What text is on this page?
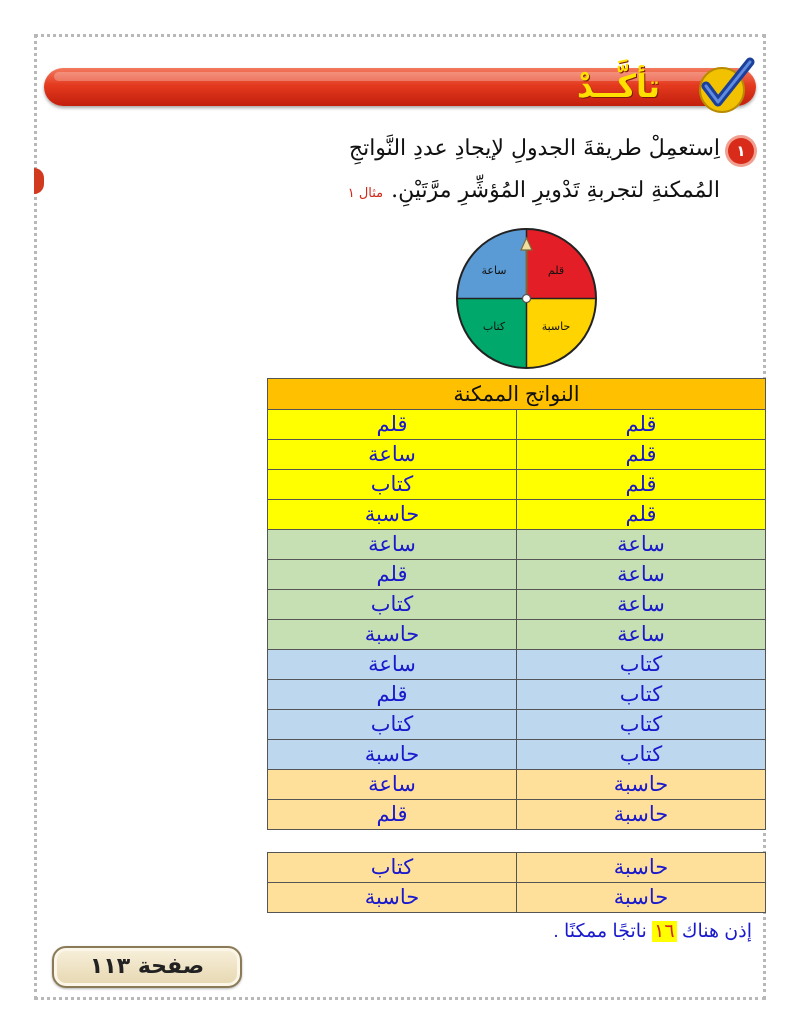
تأكَّــدْ
١
اِستعمِلْ طريقةَ الجدولِ لإيجادِ عددِ النَّواتجِ
المُمكنةِ لتجربةِ تَدْويرِ المُؤشِّرِ مرَّتَيْنِ.مثال ١
قلم
حاسبة
كتاب
ساعة
النواتج الممكنة	
قلم	قلم
قلم	ساعة
قلم	كتاب
قلم	حاسبة
ساعة	ساعة
ساعة	قلم
ساعة	كتاب
ساعة	حاسبة
كتاب	ساعة
كتاب	قلم
كتاب	كتاب
كتاب	حاسبة
حاسبة	ساعة
حاسبة	قلم
حاسبة	كتاب
حاسبة	حاسبة
إذن هناك ١٦ ناتجًا ممكنًا .
صفحة ١١٣
